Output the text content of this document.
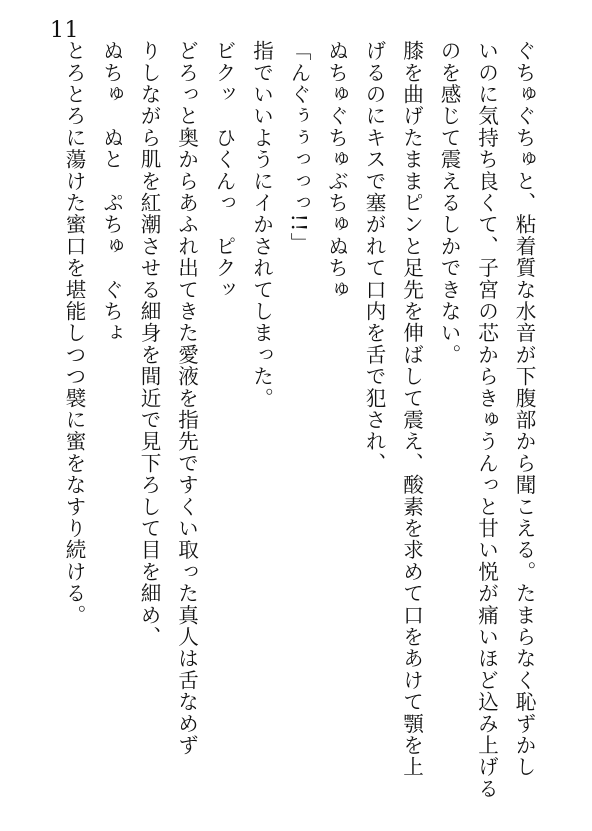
11
ぐちゅぐちゅと、粘着質な水音が下腹部から聞こえる。たまらなく恥ずかし
いのに気持ち良くて、子宮の芯からきゅうんっと甘い悦が痛いほど込み上げる
のを感じて震えるしかできない。
膝を曲げたままピンと足先を伸ばして震え、酸素を求めて口をあけて顎を上
げるのにキスで塞がれて口内を舌で犯され、
ぬちゅぐちゅぶちゅぬちゅ
「んぐぅぅっっっ!!」
指でいいようにイかされてしまった。
ビクッ　ひくんっ　ピクッ
どろっと奥からあふれ出てきた愛液を指先ですくい取った真人は舌なめず
りしながら肌を紅潮させる細身を間近で見下ろして目を細め、
ぬちゅ　ぬと　ぷちゅ　ぐちょ
とろとろに蕩けた蜜口を堪能しつつ襞に蜜をなすり続ける。
